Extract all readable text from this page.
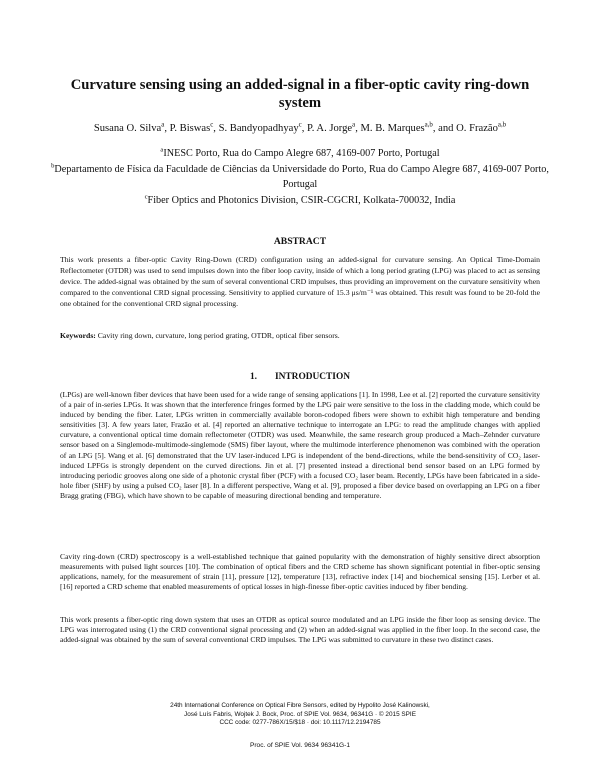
Curvature sensing using an added-signal in a fiber-optic cavity ring-down system
Susana O. Silva$^a$, P. Biswas$^c$, S. Bandyopadhyay$^c$, P. A. Jorge$^a$, M. B. Marques$^{a,b}$, and O. Frazão$^{a,b}$
$^a$INESC Porto, Rua do Campo Alegre 687, 4169-007 Porto, Portugal
$^b$Departamento de Física da Faculdade de Ciências da Universidade do Porto, Rua do Campo Alegre 687, 4169-007 Porto, Portugal
$^c$Fiber Optics and Photonics Division, CSIR-CGCRI, Kolkata-700032, India
ABSTRACT
This work presents a fiber-optic Cavity Ring-Down (CRD) configuration using an added-signal for curvature sensing. An Optical Time-Domain Reflectometer (OTDR) was used to send impulses down into the fiber loop cavity, inside of which a long period grating (LPG) was placed to act as sensing device. The added-signal was obtained by the sum of several conventional CRD impulses, thus providing an improvement on the curvature sensitivity when compared to the conventional CRD signal processing. Sensitivity to applied curvature of 15.3 μs/m⁻¹ was obtained. This result was found to be 20-fold the one obtained for the conventional CRD signal processing.
Keywords: Cavity ring down, curvature, long period grating, OTDR, optical fiber sensors.
1. INTRODUCTION
(LPGs) are well-known fiber devices that have been used for a wide range of sensing applications [1]. In 1998, Lee et al. [2] reported the curvature sensitivity of a pair of in-series LPGs. It was shown that the interference fringes formed by the LPG pair were sensitive to the loss in the cladding mode, which could be induced by bending the fiber. Later, LPGs written in commercially available boron-codoped fibers were shown to exhibit high temperature and bending sensitivities [3]. A few years later, Frazão et al. [4] reported an alternative technique to interrogate an LPG: to read the amplitude changes with applied curvature, a conventional optical time domain reflectometer (OTDR) was used. Meanwhile, the same research group produced a Mach–Zehnder curvature sensor based on a Singlemode-multimode-singlemode (SMS) fiber layout, where the multimode interference phenomenon was combined with the operation of an LPG [5]. Wang et al. [6] demonstrated that the UV laser-induced LPG is independent of the bend-directions, while the bend-sensitivity of CO₂ laser-induced LPFGs is strongly dependent on the curved directions. Jin et al. [7] presented instead a directional bend sensor based on an LPG formed by introducing periodic grooves along one side of a photonic crystal fiber (PCF) with a focused CO₂ laser beam. Recently, LPGs have been fabricated in a side-hole fiber (SHF) by using a pulsed CO₂ laser [8]. In a different perspective, Wang et al. [9], proposed a fiber device based on overlapping an LPG on a fiber Bragg grating (FBG), which have shown to be capable of measuring directional bending and temperature.
Cavity ring-down (CRD) spectroscopy is a well-established technique that gained popularity with the demonstration of highly sensitive direct absorption measurements with pulsed light sources [10]. The combination of optical fibers and the CRD scheme has shown significant potential in fiber-optic sensing applications, namely, for the measurement of strain [11], pressure [12], temperature [13], refractive index [14] and biochemical sensing [15]. Lerber et al. [16] reported a CRD scheme that enabled measurements of optical losses in high-finesse fiber-optic cavities induced by fiber bending.
This work presents a fiber-optic ring down system that uses an OTDR as optical source modulated and an LPG inside the fiber loop as sensing device. The LPG was interrogated using (1) the CRD conventional signal processing and (2) when an added-signal was applied in the fiber loop. In the second case, the added-signal was obtained by the sum of several conventional CRD impulses. The LPG was submitted to curvature in these two distinct cases.
24th International Conference on Optical Fibre Sensors, edited by Hypolito José Kalinowski,
José Luís Fabris, Wojtek J. Bock, Proc. of SPIE Vol. 9634, 96341G · © 2015 SPIE
CCC code: 0277-786X/15/$18 · doi: 10.1117/12.2194785
Proc. of SPIE Vol. 9634 96341G-1
